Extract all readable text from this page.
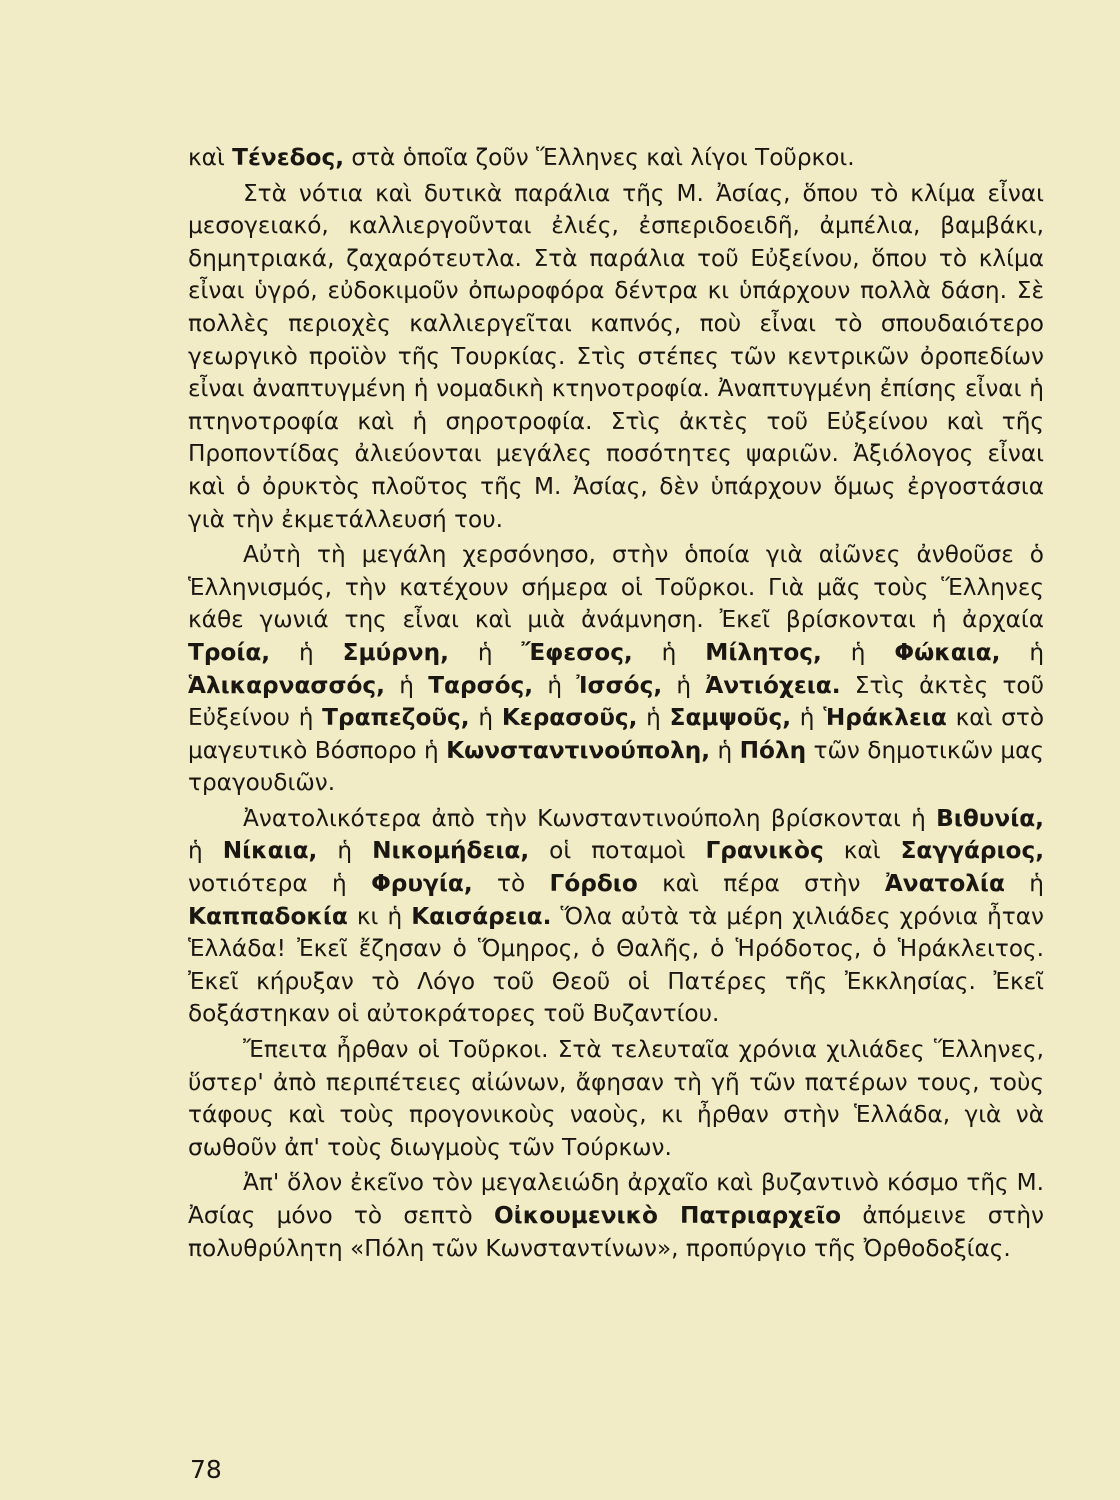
καὶ Τένεδος, στὰ ὁποῖα ζοῦν Ἕλληνες καὶ λίγοι Τοῦρκοι.

Στὰ νότια καὶ δυτικὰ παράλια τῆς Μ. Ἀσίας, ὅπου τὸ κλίμα εἶναι μεσογειακό, καλλιεργοῦνται ἐλιές, ἐσπεριδοειδῆ, ἀμπέλια, βαμβάκι, δημητριακά, ζαχαρότευτλα. Στὰ παράλια τοῦ Εὐξείνου, ὅπου τὸ κλίμα εἶναι ὑγρό, εὐδοκιμοῦν ὀπωροφόρα δέντρα κι ὑπάρχουν πολλὰ δάση. Σὲ πολλὲς περιοχὲς καλλιεργεῖται καπνός, ποὺ εἶναι τὸ σπουδαιότερο γεωργικὸ προϊὸν τῆς Τουρκίας. Στὶς στέπες τῶν κεντρικῶν ὀροπεδίων εἶναι ἀναπτυγμένη ἡ νομαδικὴ κτηνοτροφία. Ἀναπτυγμένη ἐπίσης εἶναι ἡ πτηνοτροφία καὶ ἡ σηροτροφία. Στὶς ἀκτὲς τοῦ Εὐξείνου καὶ τῆς Προποντίδας ἀλιεύονται μεγάλες ποσότητες ψαριῶν. Ἀξιόλογος εἶναι καὶ ὁ ὀρυκτὸς πλοῦτος τῆς Μ. Ἀσίας, δὲν ὑπάρχουν ὅμως ἐργοστάσια γιὰ τὴν ἐκμετάλλευσή του.

Αὐτὴ τὴ μεγάλη χερσόνησο, στὴν ὁποία γιὰ αἰῶνες ἀνθοῦσε ὁ Ἑλληνισμός, τὴν κατέχουν σήμερα οἱ Τοῦρκοι. Γιὰ μᾶς τοὺς Ἕλληνες κάθε γωνιά της εἶναι καὶ μιὰ ἀνάμνηση. Ἐκεῖ βρίσκονται ἡ ἀρχαία Τροία, ἡ Σμύρνη, ἡ Ἔφεσος, ἡ Μίλητος, ἡ Φώκαια, ἡ Ἁλικαρνασσός, ἡ Ταρσός, ἡ Ἰσσός, ἡ Ἀντιόχεια. Στὶς ἀκτὲς τοῦ Εὐξείνου ἡ Τραπεζοῦς, ἡ Κερασοῦς, ἡ Σαμψοῦς, ἡ Ἡράκλεια καὶ στὸ μαγευτικὸ Βόσπορο ἡ Κωνσταντινούπολη, ἡ Πόλη τῶν δημοτικῶν μας τραγουδιῶν.

Ἀνατολικότερα ἀπὸ τὴν Κωνσταντινούπολη βρίσκονται ἡ Βιθυνία, ἡ Νίκαια, ἡ Νικομήδεια, οἱ ποταμοὶ Γρανικὸς καὶ Σαγγάριος, νοτιότερα ἡ Φρυγία, τὸ Γόρδιο καὶ πέρα στὴν Ἀνατολία ἡ Καππαδοκία κι ἡ Καισάρεια. Ὅλα αὐτὰ τὰ μέρη χιλιάδες χρόνια ἦταν Ἑλλάδα! Ἐκεῖ ἔζησαν ὁ Ὅμηρος, ὁ Θαλῆς, ὁ Ἡρόδοτος, ὁ Ἡράκλειτος. Ἐκεῖ κήρυξαν τὸ Λόγο τοῦ Θεοῦ οἱ Πατέρες τῆς Ἐκκλησίας. Ἐκεῖ δοξάστηκαν οἱ αὐτοκράτορες τοῦ Βυζαντίου.

Ἔπειτα ἦρθαν οἱ Τοῦρκοι. Στὰ τελευταῖα χρόνια χιλιάδες Ἕλληνες, ὕστερ' ἀπὸ περιπέτειες αἰώνων, ἄφησαν τὴ γῆ τῶν πατέρων τους, τοὺς τάφους καὶ τοὺς προγονικοὺς ναοὺς, κι ἦρθαν στὴν Ἑλλάδα, γιὰ νὰ σωθοῦν ἀπ' τοὺς διωγμοὺς τῶν Τούρκων.

Ἀπ' ὅλον ἐκεῖνο τὸν μεγαλειώδη ἀρχαῖο καὶ βυζαντινὸ κόσμο τῆς Μ. Ἀσίας μόνο τὸ σεπτὸ Οἰκουμενικὸ Πατριαρχεῖο ἀπόμεινε στὴν πολυθρύλητη «Πόλη τῶν Κωνσταντίνων», προπύργιο τῆς Ὀρθοδοξίας.

78
